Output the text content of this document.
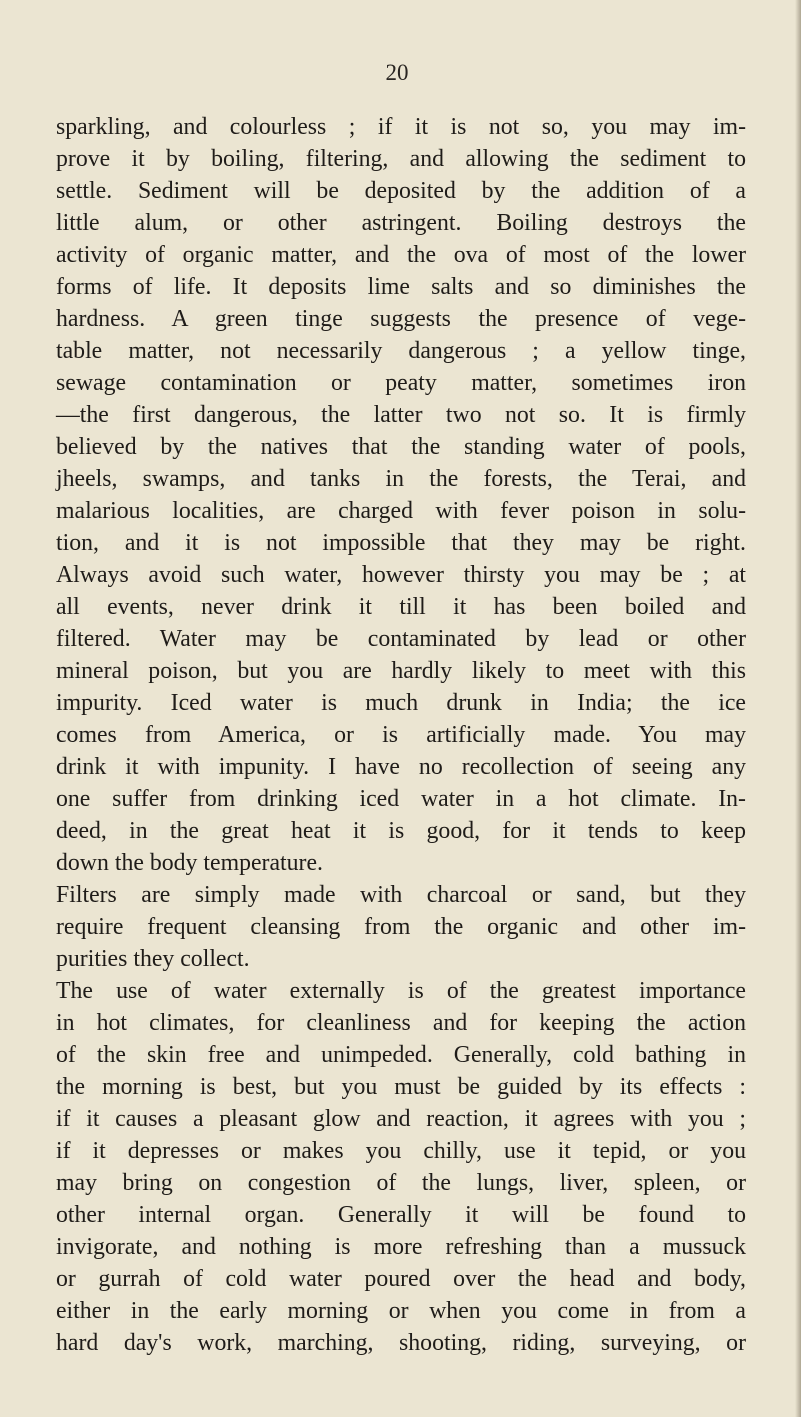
20
sparkling, and colourless ; if it is not so, you may im-
prove it by boiling, filtering, and allowing the sediment to
settle. Sediment will be deposited by the addition of a
little alum, or other astringent. Boiling destroys the
activity of organic matter, and the ova of most of the lower
forms of life. It deposits lime salts and so diminishes the
hardness. A green tinge suggests the presence of vege-
table matter, not necessarily dangerous ; a yellow tinge,
sewage contamination or peaty matter, sometimes iron
—the first dangerous, the latter two not so. It is firmly
believed by the natives that the standing water of pools,
jheels, swamps, and tanks in the forests, the Terai, and
malarious localities, are charged with fever poison in solu-
tion, and it is not impossible that they may be right.
Always avoid such water, however thirsty you may be ; at
all events, never drink it till it has been boiled and
filtered. Water may be contaminated by lead or other
mineral poison, but you are hardly likely to meet with this
impurity. Iced water is much drunk in India; the ice
comes from America, or is artificially made. You may
drink it with impunity. I have no recollection of seeing any
one suffer from drinking iced water in a hot climate. In-
deed, in the great heat it is good, for it tends to keep
down the body temperature.
Filters are simply made with charcoal or sand, but they
require frequent cleansing from the organic and other im-
purities they collect.
The use of water externally is of the greatest importance
in hot climates, for cleanliness and for keeping the action
of the skin free and unimpeded. Generally, cold bathing in
the morning is best, but you must be guided by its effects :
if it causes a pleasant glow and reaction, it agrees with you ;
if it depresses or makes you chilly, use it tepid, or you
may bring on congestion of the lungs, liver, spleen, or
other internal organ. Generally it will be found to
invigorate, and nothing is more refreshing than a mussuck
or gurrah of cold water poured over the head and body,
either in the early morning or when you come in from a
hard day's work, marching, shooting, riding, surveying, or
